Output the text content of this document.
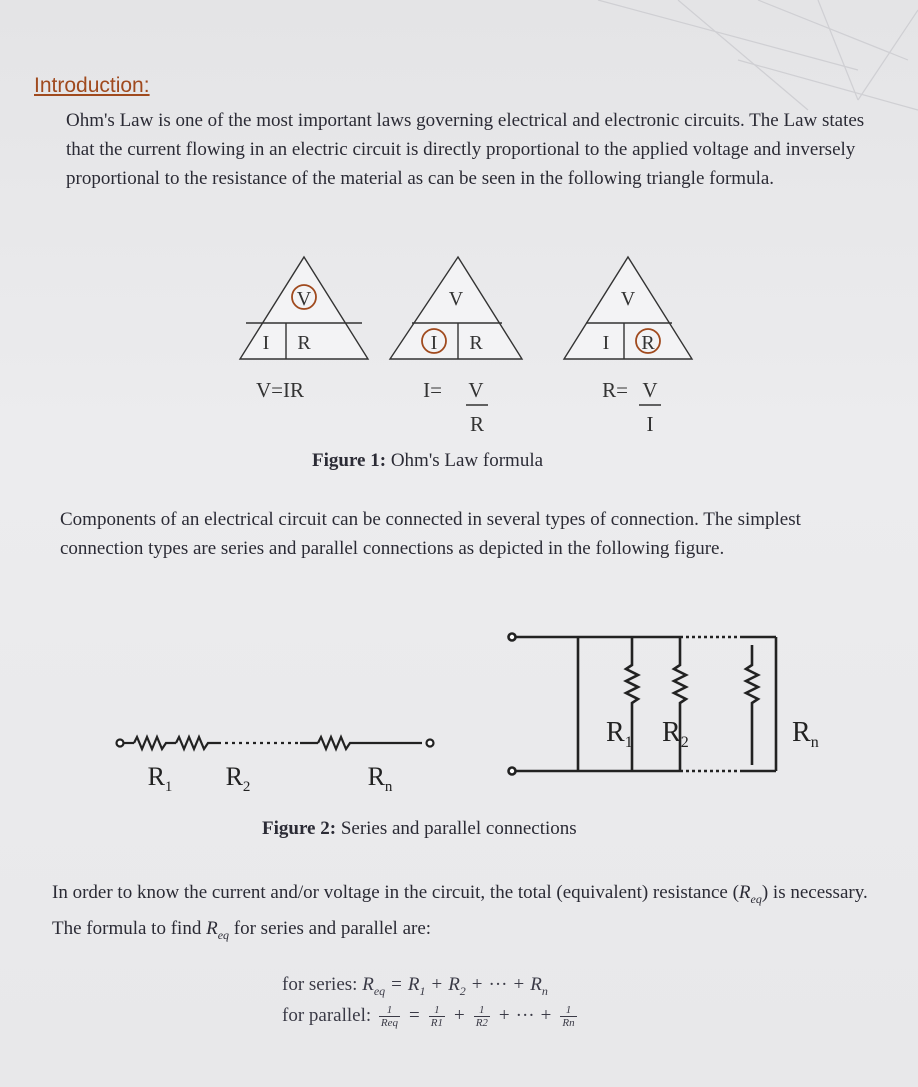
Introduction:
Ohm's Law is one of the most important laws governing electrical and electronic circuits. The Law states that the current flowing in an electric circuit is directly proportional to the applied voltage and inversely proportional to the resistance of the material as can be seen in the following triangle formula.
V
I R
V=IR
V
I R
I= V
R
V
I R
R= V
I
Figure 1: Ohm's Law formula
Components of an electrical circuit can be connected in several types of connection. The simplest connection types are series and parallel connections as depicted in the following figure.
$R_1$ $R_2$	$R_n$
$R_1$ $R_2$	$R_n$
Figure 2: Series and parallel connections
In order to know the current and/or voltage in the circuit, the total (equivalent) resistance $(R_{eq})$ is necessary. The formula to find $R_{eq}$ for series and parallel are:
for series: $R_{eq} = R_1 + R_2$ + ··· + $R_n$
for parallel: $\frac{1}{\text{Req}} = \frac{1}{R1} + \frac{1}{R2}$ + ··· + $\frac{1}{Rn}$
